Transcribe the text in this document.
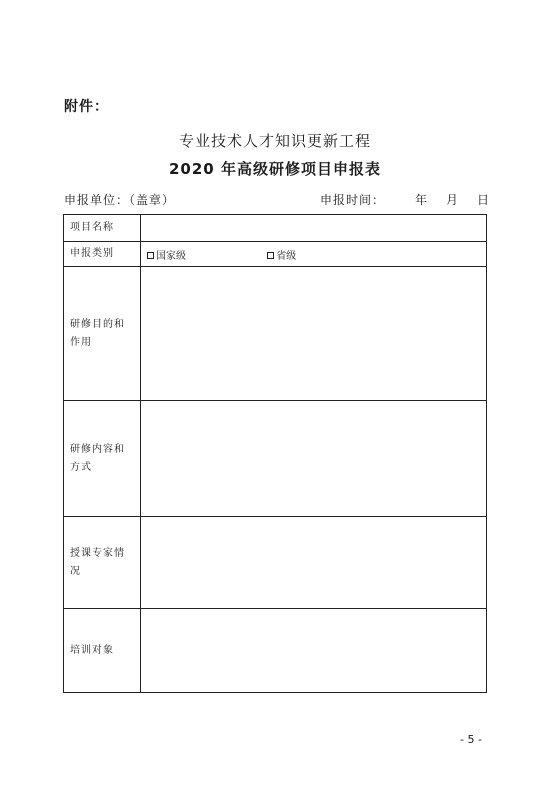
附件：
专业技术人才知识更新工程
2020 年高级研修项目申报表
申报单位：（盖章）	申报时间：	年 月 日
项目名称	
申报类别	国家级 省级
研修目的和作用	
研修内容和方式	
授课专家情况	
培训对象	
- 5 -
